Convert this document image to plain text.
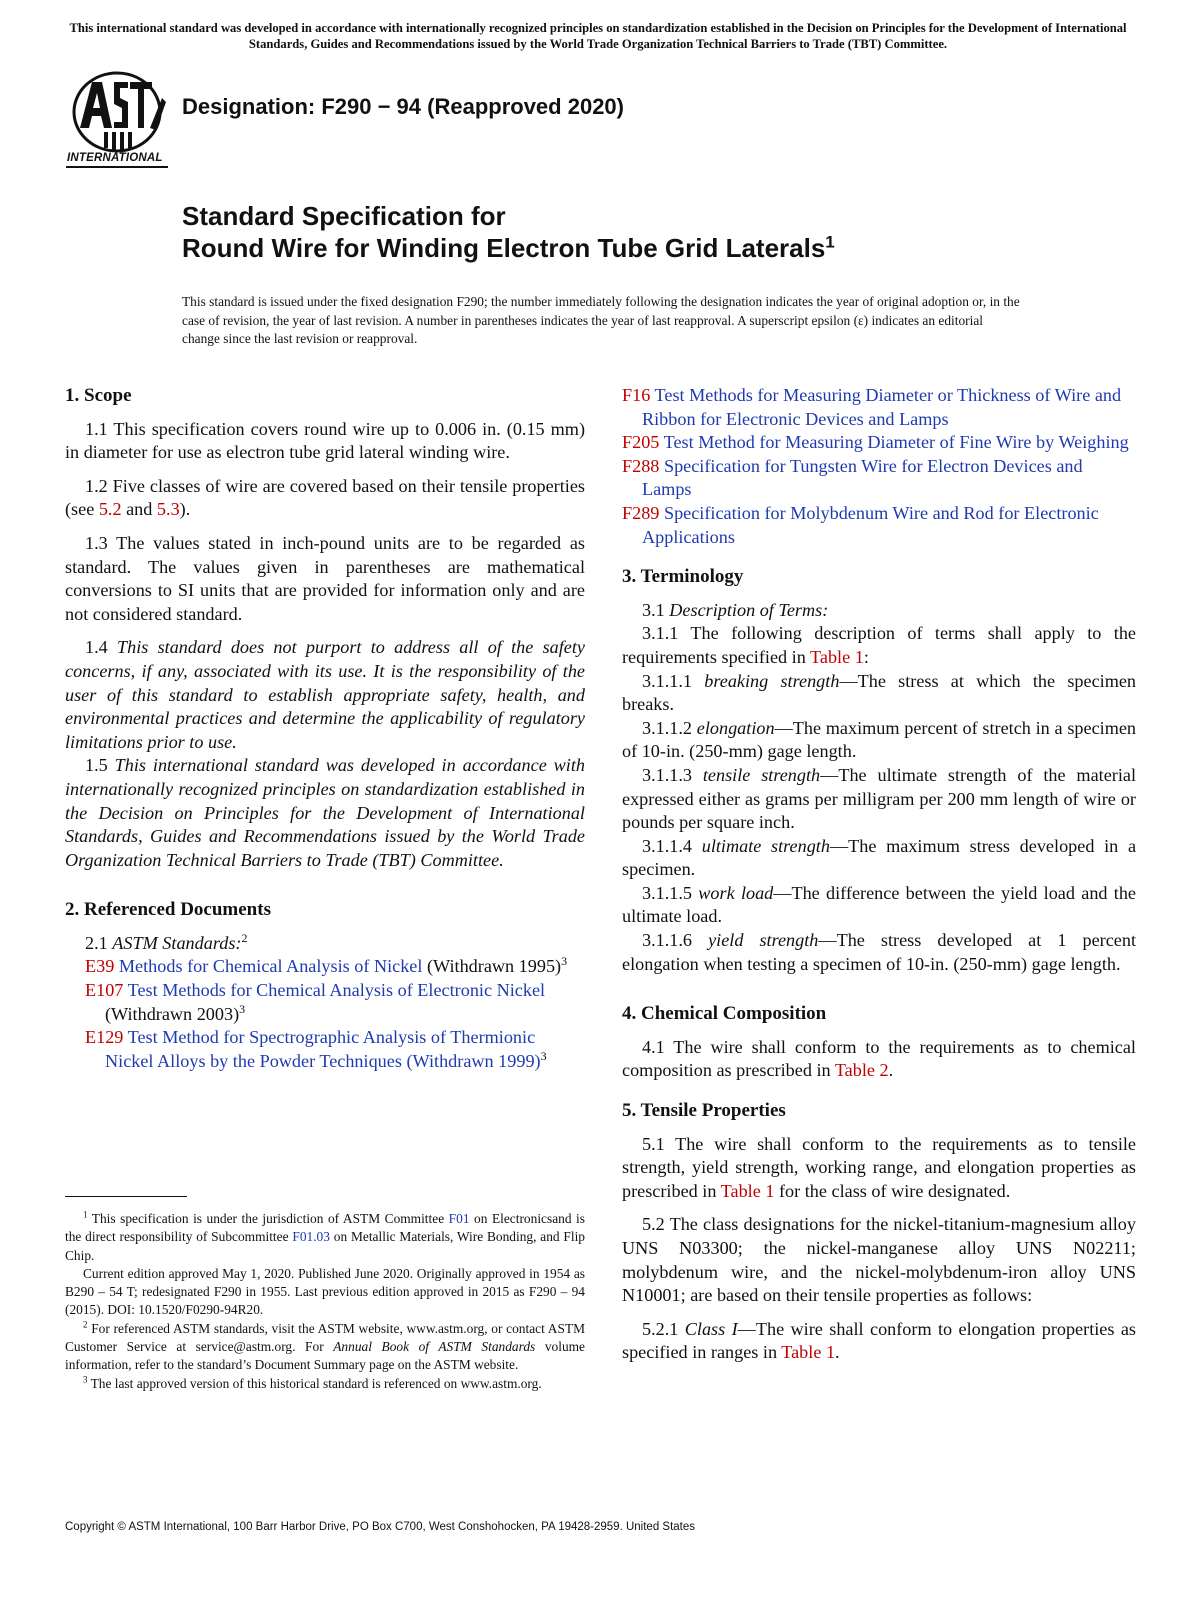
This international standard was developed in accordance with internationally recognized principles on standardization established in the Decision on Principles for the Development of International Standards, Guides and Recommendations issued by the World Trade Organization Technical Barriers to Trade (TBT) Committee.
INTERNATIONAL
Designation: F290 − 94 (Reapproved 2020)
Standard Specification for
Round Wire for Winding Electron Tube Grid Laterals$^1$
This standard is issued under the fixed designation F290; the number immediately following the designation indicates the year of original adoption or, in the case of revision, the year of last revision. A number in parentheses indicates the year of last reapproval. A superscript epsilon (ε) indicates an editorial change since the last revision or reapproval.
1. Scope

1.1 This specification covers round wire up to 0.006 in. (0.15 mm) in diameter for use as electron tube grid lateral winding wire.

1.2 Five classes of wire are covered based on their tensile properties (see 5.2 and 5.3).

1.3 The values stated in inch-pound units are to be regarded as standard. The values given in parentheses are mathematical conversions to SI units that are provided for information only and are not considered standard.

1.4 This standard does not purport to address all of the safety concerns, if any, associated with its use. It is the responsibility of the user of this standard to establish appropriate safety, health, and environmental practices and determine the applicability of regulatory limitations prior to use.

1.5 This international standard was developed in accordance with internationally recognized principles on standardization established in the Decision on Principles for the Development of International Standards, Guides and Recommendations issued by the World Trade Organization Technical Barriers to Trade (TBT) Committee.

2. Referenced Documents

2.1 ASTM Standards:$^2$

E39 Methods for Chemical Analysis of Nickel (Withdrawn 1995)$^3$

E107 Test Methods for Chemical Analysis of Electronic Nickel (Withdrawn 2003)$^3$

E129 Test Method for Spectrographic Analysis of Thermionic Nickel Alloys by the Powder Techniques (Withdrawn 1999)$^3$

F16 Test Methods for Measuring Diameter or Thickness of Wire and Ribbon for Electronic Devices and Lamps

F205 Test Method for Measuring Diameter of Fine Wire by Weighing

F288 Specification for Tungsten Wire for Electron Devices and Lamps

F289 Specification for Molybdenum Wire and Rod for Electronic Applications

3. Terminology

3.1 Description of Terms:

3.1.1 The following description of terms shall apply to the requirements specified in Table 1:

3.1.1.1 breaking strength—The stress at which the specimen breaks.

3.1.1.2 elongation—The maximum percent of stretch in a specimen of 10-in. (250-mm) gage length.

3.1.1.3 tensile strength—The ultimate strength of the material expressed either as grams per milligram per 200 mm length of wire or pounds per square inch.

3.1.1.4 ultimate strength—The maximum stress developed in a specimen.

3.1.1.5 work load—The difference between the yield load and the ultimate load.

3.1.1.6 yield strength—The stress developed at 1 percent elongation when testing a specimen of 10-in. (250-mm) gage length.

4. Chemical Composition

4.1 The wire shall conform to the requirements as to chemical composition as prescribed in Table 2.

5. Tensile Properties

5.1 The wire shall conform to the requirements as to tensile strength, yield strength, working range, and elongation properties as prescribed in Table 1 for the class of wire designated.

5.2 The class designations for the nickel-titanium-magnesium alloy UNS N03300; the nickel-manganese alloy UNS N02211; molybdenum wire, and the nickel-molybdenum-iron alloy UNS N10001; are based on their tensile properties as follows:

5.2.1 Class I—The wire shall conform to elongation properties as specified in ranges in Table 1.

$^1$ This specification is under the jurisdiction of ASTM Committee F01 on Electronicsand is the direct responsibility of Subcommittee F01.03 on Metallic Materials, Wire Bonding, and Flip Chip.

Current edition approved May 1, 2020. Published June 2020. Originally approved in 1954 as B290 – 54 T; redesignated F290 in 1955. Last previous edition approved in 2015 as F290 – 94 (2015). DOI: 10.1520/F0290-94R20.

$^2$ For referenced ASTM standards, visit the ASTM website, www.astm.org, or contact ASTM Customer Service at service@astm.org. For Annual Book of ASTM Standards volume information, refer to the standard’s Document Summary page on the ASTM website.

$^3$ The last approved version of this historical standard is referenced on www.astm.org.

Copyright © ASTM International, 100 Barr Harbor Drive, PO Box C700, West Conshohocken, PA 19428-2959. United States
